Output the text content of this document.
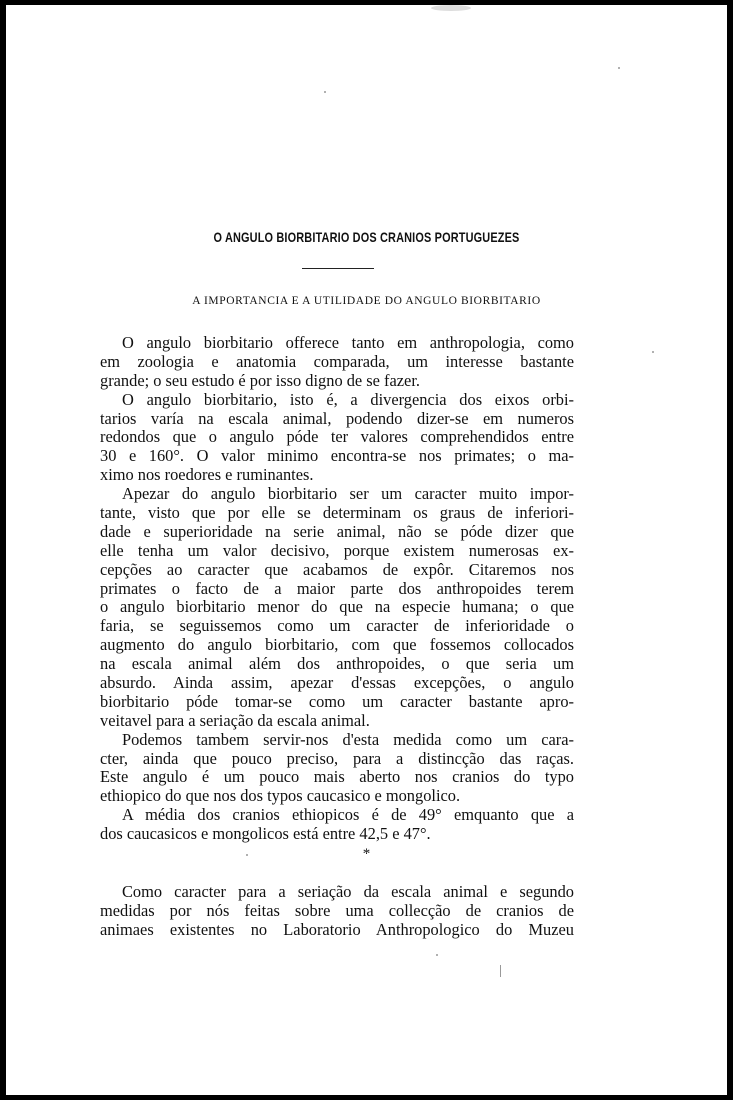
O ANGULO BIORBITARIO DOS CRANIOS PORTUGUEZES
A IMPORTANCIA E A UTILIDADE DO ANGULO BIORBITARIO
O angulo biorbitario offerece tanto em anthropologia, como
em zoologia e anatomia comparada, um interesse bastante
grande; o seu estudo é por isso digno de se fazer.
O angulo biorbitario, isto é, a divergencia dos eixos orbi-
tarios varía na escala animal, podendo dizer-se em numeros
redondos que o angulo póde ter valores comprehendidos entre
30 e 160°. O valor minimo encontra-se nos primates; o ma-
ximo nos roedores e ruminantes.
Apezar do angulo biorbitario ser um caracter muito impor-
tante, visto que por elle se determinam os graus de inferiori-
dade e superioridade na serie animal, não se póde dizer que
elle tenha um valor decisivo, porque existem numerosas ex-
cepções ao caracter que acabamos de expôr. Citaremos nos
primates o facto de a maior parte dos anthropoides terem
o angulo biorbitario menor do que na especie humana; o que
faria, se seguissemos como um caracter de inferioridade o
augmento do angulo biorbitario, com que fossemos collocados
na escala animal além dos anthropoides, o que seria um
absurdo. Ainda assim, apezar d'essas excepções, o angulo
biorbitario póde tomar-se como um caracter bastante apro-
veitavel para a seriação da escala animal.
Podemos tambem servir-nos d'esta medida como um cara-
cter, ainda que pouco preciso, para a distincção das raças.
Este angulo é um pouco mais aberto nos cranios do typo
ethiopico do que nos dos typos caucasico e mongolico.
A média dos cranios ethiopicos é de 49° emquanto que a
dos caucasicos e mongolicos está entre 42,5 e 47°.
*
Como caracter para a seriação da escala animal e segundo
medidas por nós feitas sobre uma collecção de cranios de
animaes existentes no Laboratorio Anthropologico do Muzeu
